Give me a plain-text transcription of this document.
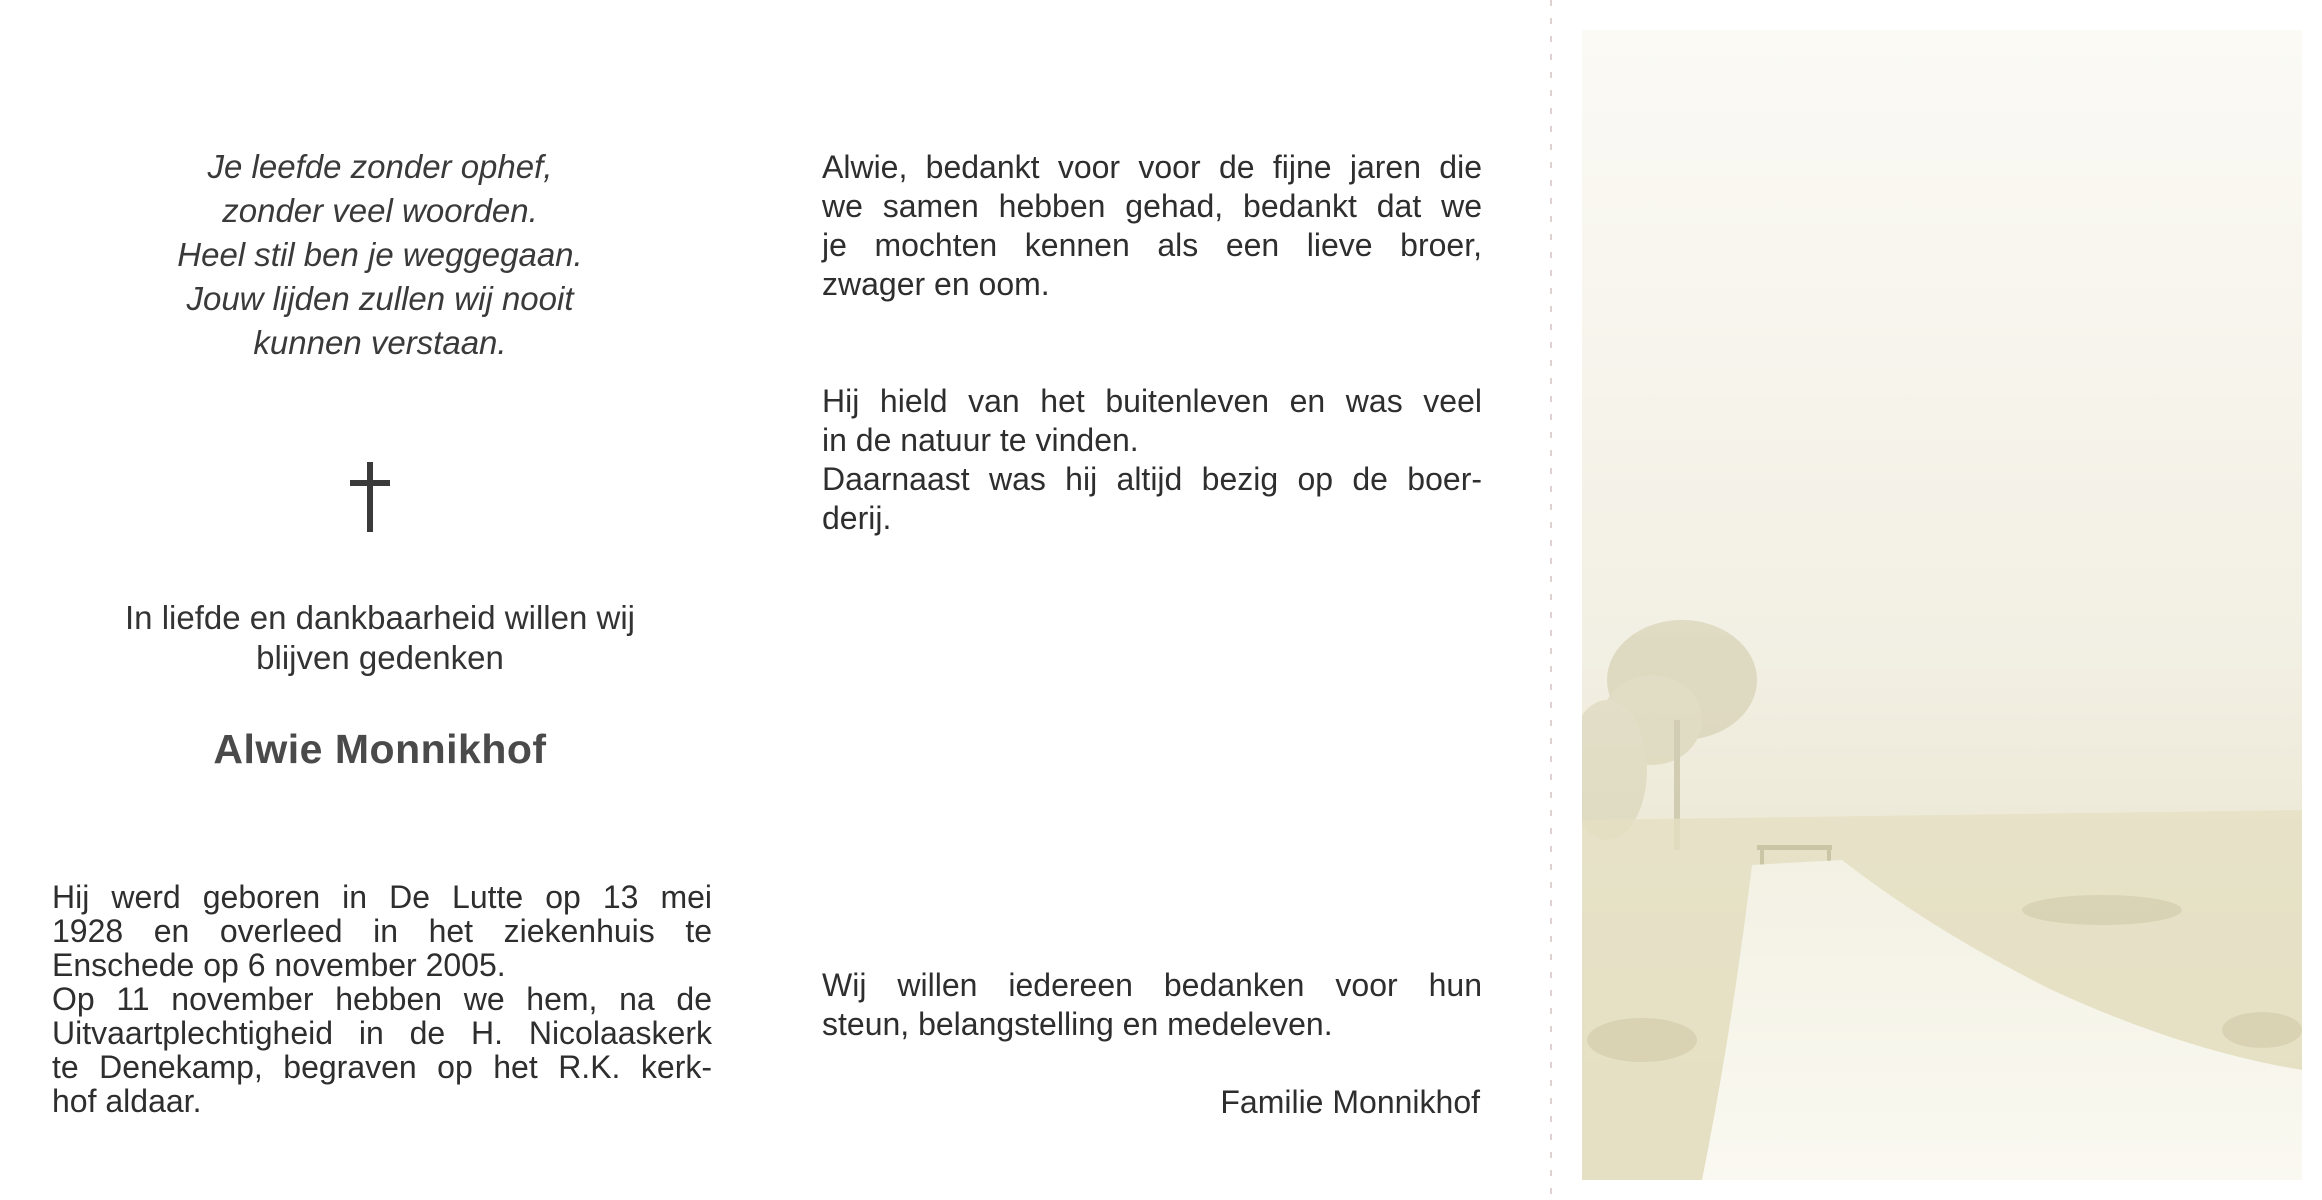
Je leefde zonder ophef,
zonder veel woorden.
Heel stil ben je weggegaan.
Jouw lijden zullen wij nooit
kunnen verstaan.
In liefde en dankbaarheid willen wij
blijven gedenken
Alwie Monnikhof
Hij werd geboren in De Lutte op 13 mei
1928 en overleed in het ziekenhuis te
Enschede op 6 november 2005.
Op 11 november hebben we hem, na de
Uitvaartplechtigheid in de H. Nicolaaskerk
te Denekamp, begraven op het R.K. kerk-
hof aldaar.
Alwie, bedankt voor voor de fijne jaren die
we samen hebben gehad, bedankt dat we
je mochten kennen als een lieve broer,
zwager en oom.
Hij hield van het buitenleven en was veel
in de natuur te vinden.
Daarnaast was hij altijd bezig op de boer-
derij.
Wij willen iedereen bedanken voor hun
steun, belangstelling en medeleven.
Familie Monnikhof
